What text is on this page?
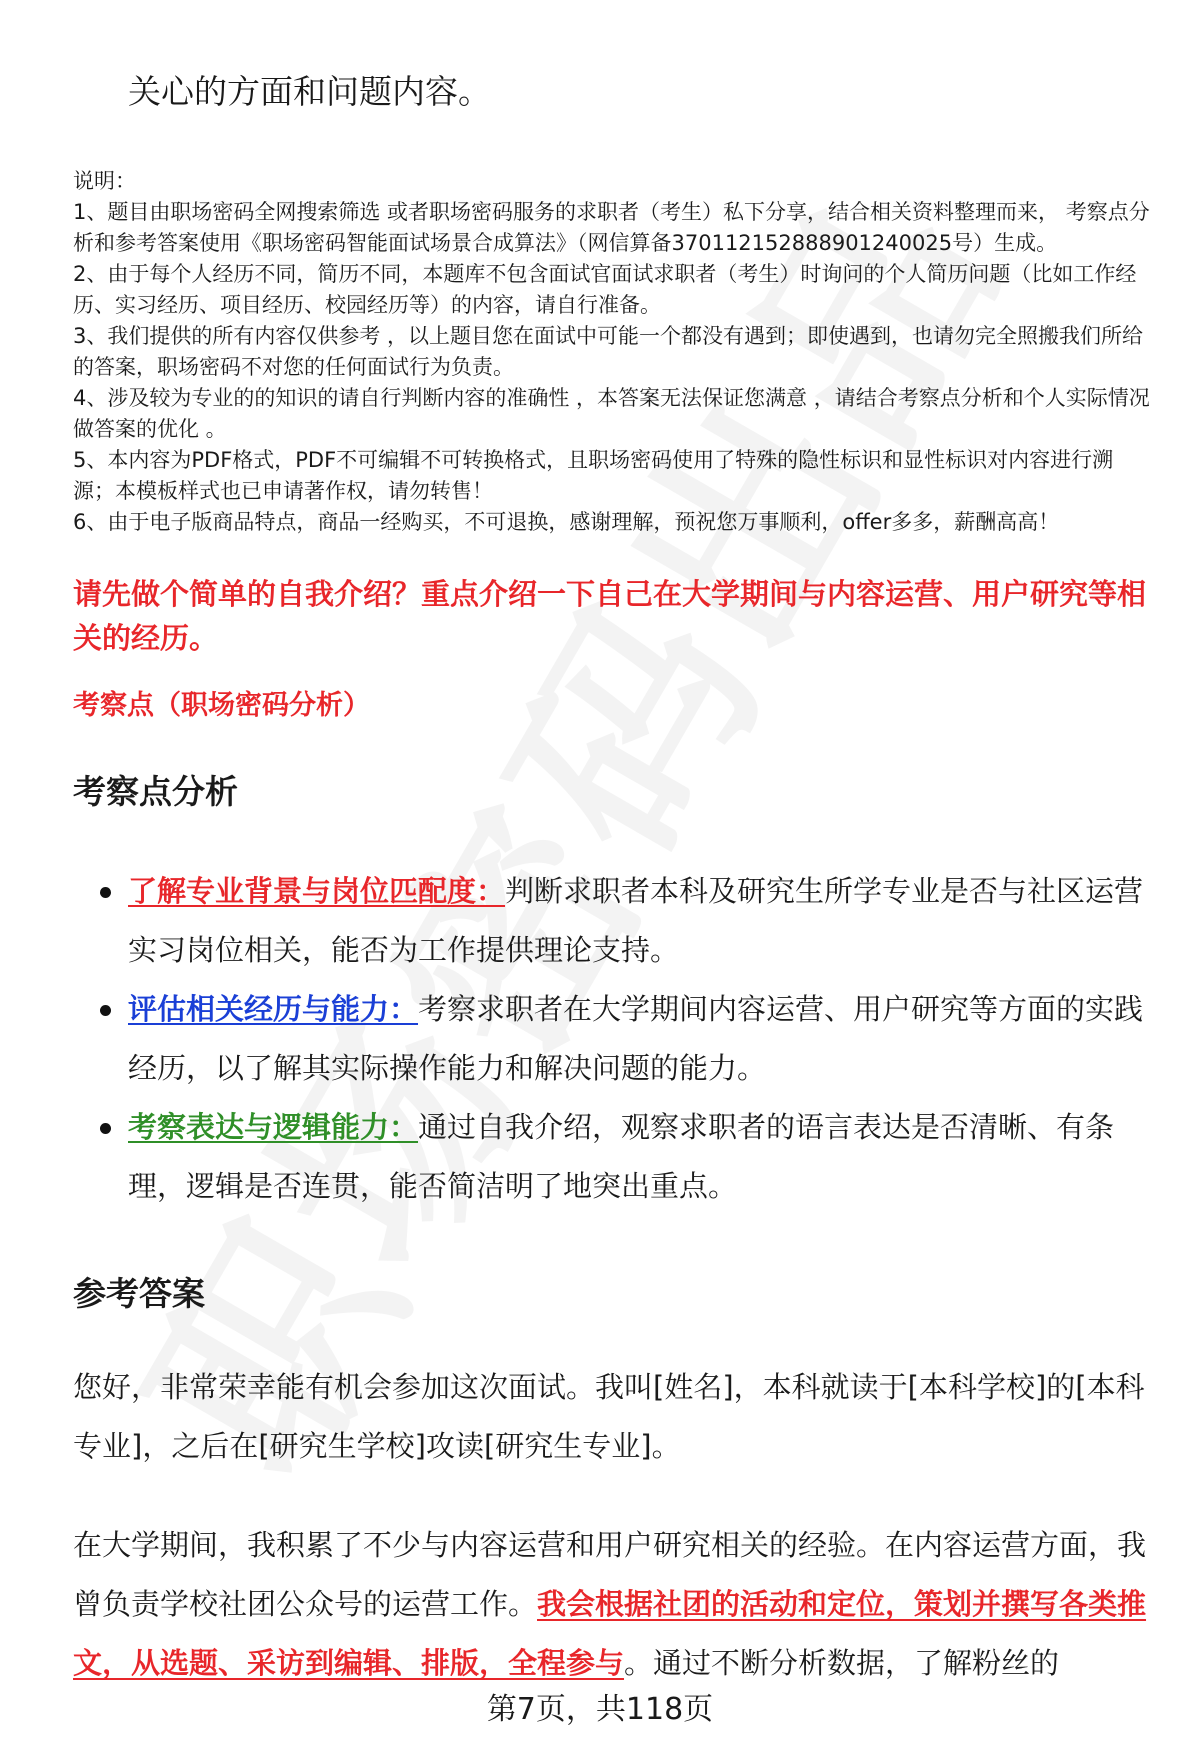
关心的方面和问题内容。

说明：

1、题目由职场密码全网搜索筛选 或者职场密码服务的求职者（考生）私下分享，结合相关资料整理而来， 考察点分析和参考答案使用《职场密码智能面试场景合成算法》（网信算备370112152888901240025号）生成。

2、由于每个人经历不同，简历不同，本题库不包含面试官面试求职者（考生）时询问的个人简历问题（比如工作经历、实习经历、项目经历、校园经历等）的内容，请自行准备。

3、我们提供的所有内容仅供参考 ，以上题目您在面试中可能一个都没有遇到；即使遇到，也请勿完全照搬我们所给的答案，职场密码不对您的任何面试行为负责。

4、涉及较为专业的的知识的请自行判断内容的准确性 ，本答案无法保证您满意 ，请结合考察点分析和个人实际情况做答案的优化 。

5、本内容为PDF格式，PDF不可编辑不可转换格式，且职场密码使用了特殊的隐性标识和显性标识对内容进行溯源；本模板样式也已申请著作权，请勿转售！

6、由于电子版商品特点，商品一经购买，不可退换，感谢理解，预祝您万事顺利，offer多多，薪酬高高！

请先做个简单的自我介绍？重点介绍一下自己在大学期间与内容运营、用户研究等相关的经历。
考察点（职场密码分析）
考察点分析
了解专业背景与岗位匹配度：判断求职者本科及研究生所学专业是否与社区运营实习岗位相关，能否为工作提供理论支持。
评估相关经历与能力：考察求职者在大学期间内容运营、用户研究等方面的实践经历，以了解其实际操作能力和解决问题的能力。
考察表达与逻辑能力：通过自我介绍，观察求职者的语言表达是否清晰、有条理，逻辑是否连贯，能否简洁明了地突出重点。
参考答案

您好，非常荣幸能有机会参加这次面试。我叫[姓名]，本科就读于[本科学校]的[本科专业]，之后在[研究生学校]攻读[研究生专业]。

在大学期间，我积累了不少与内容运营和用户研究相关的经验。在内容运营方面，我曾负责学校社团公众号的运营工作。我会根据社团的活动和定位，策划并撰写各类推文，从选题、采访到编辑、排版，全程参与。通过不断分析数据，了解粉丝的

第7页，共118页
